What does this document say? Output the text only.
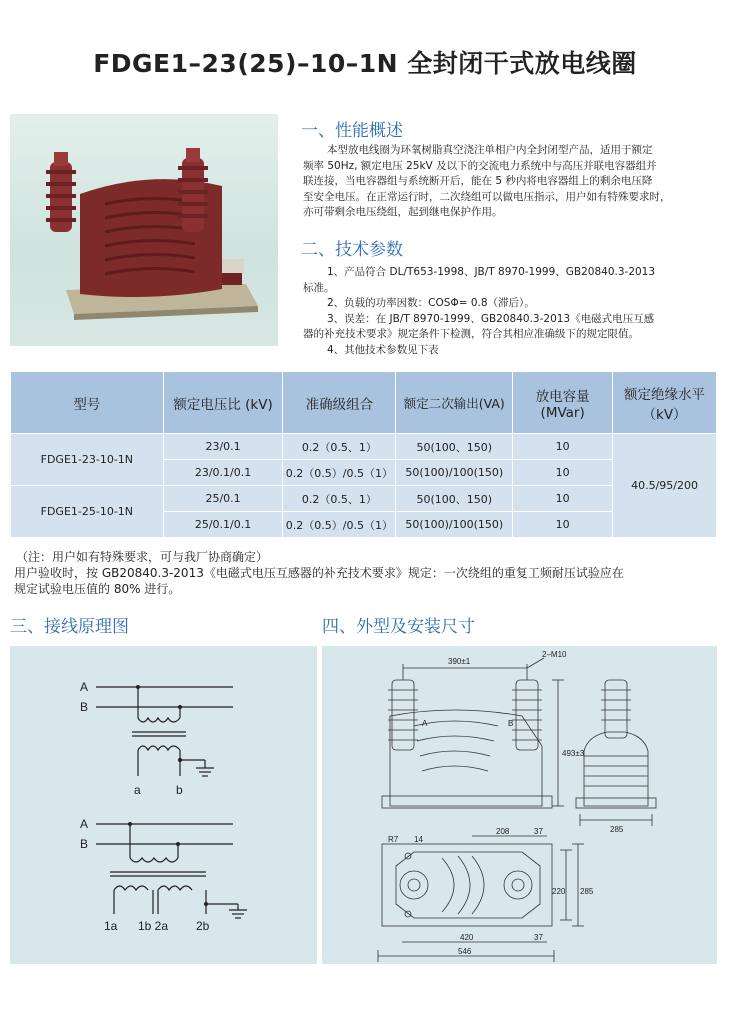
FDGE1–23(25)–10–1N 全封闭干式放电线圈
一、性能概述

本型放电线圈为环氧树脂真空浇注单相户内全封闭型产品，适用于额定

频率 50Hz, 额定电压 25kV 及以下的交流电力系统中与高压并联电容器组并

联连接，当电容器组与系统断开后，能在 5 秒内将电容器组上的剩余电压降

至安全电压。在正常运行时，二次绕组可以做电压指示，用户如有特殊要求时，

亦可带剩余电压绕组，起到继电保护作用。

二、技术参数

1、产品符合 DL/T653-1998、JB/T 8970-1999、GB20840.3-2013

标准。

2、负载的功率因数：COSΦ= 0.8（滞后）。

3、误差：在 JB/T 8970-1999、GB20840.3-2013《电磁式电压互感

器的补充技术要求》规定条件下检测，符合其相应准确级下的规定限值。

4、其他技术参数见下表

型号	额定电压比 (kV)	准确级组合	额定二次输出(VA)	放电容量
(MVar)	额定绝缘水平
（kV）
FDGE1-23-10-1N	23/0.1	0.2（0.5、1）	50(100、150)	10	40.5/95/200
	23/0.1/0.1	0.2（0.5）/0.5（1）	50(100)/100(150)	10	
FDGE1-25-10-1N	25/0.1	0.2（0.5、1）	50(100、150)	10	
	25/0.1/0.1	0.2（0.5）/0.5（1）	50(100)/100(150)	10	
（注：用户如有特殊要求，可与我厂协商确定）
用户验收时，按 GB20840.3-2013《电磁式电压互感器的补充技术要求》规定：一次绕组的重复工频耐压试验应在
规定试验电压值的 80% 进行。
三、接线原理图	四、外型及安装尺寸
A
B
a	b
A
B
1a 1b 2a 2b
390±1
2–M10
493±3
A	B
285
R7 14
208	37
220 285
420	37
546
